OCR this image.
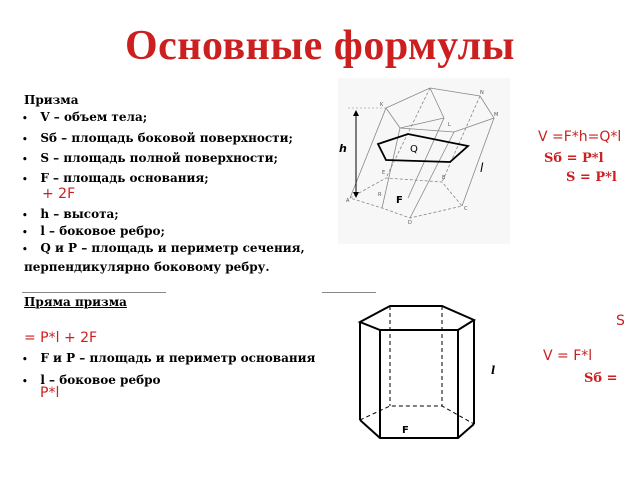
Основные формулы
Призма
• V – объем тела;
• Sб – площадь боковой поверхности;
• S – площадь полной поверхности;
• F – площадь основания;
• h – высота;
• l – боковое ребро;
• Q и P – площадь и периметр сечения,
перпендикулярно боковому ребру.
________________________	_________
V =F*h=Q*l
Sб = P*l
S = P*l
+ 2F
Пряма призма
S
= P*l + 2F
• F и P – площадь и периметр основания
• l – боковое ребро
V = F*l
Sб =
P*l
h	Q
l
F
A
B
C
D
E
K
L
M
N
R
F
l
